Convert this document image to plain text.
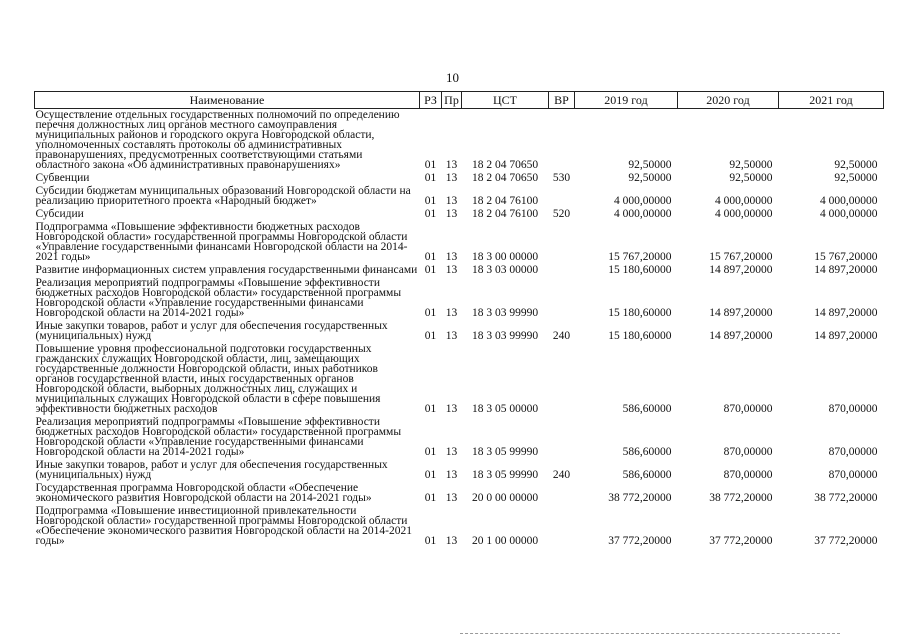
10
Наименование	РЗ	Пр	ЦСТ	ВР	2019 год	2020 год	2021 год
Осуществление отдельных государственных полномочий по определению перечня должностных лиц органов местного самоуправления муниципальных районов и городского округа Новгородской области, уполномоченных составлять протоколы об административных правонарушениях, предусмотренных соответствующими статьями областного закона «Об административных правонарушениях»	01	13	18 2 04 70650		92,50000	92,50000	92,50000
Субвенции	01	13	18 2 04 70650	530	92,50000	92,50000	92,50000
Субсидии бюджетам муниципальных образований Новгородской области на реализацию приоритетного проекта «Народный бюджет»	01	13	18 2 04 76100		4 000,00000	4 000,00000	4 000,00000
Субсидии	01	13	18 2 04 76100	520	4 000,00000	4 000,00000	4 000,00000
Подпрограмма «Повышение эффективности бюджетных расходов Новгородской области» государственной программы Новгородской области «Управление государственными финансами Новгородской области на 2014-2021 годы»	01	13	18 3 00 00000		15 767,20000	15 767,20000	15 767,20000
Развитие информационных систем управления государственными финансами	01	13	18 3 03 00000		15 180,60000	14 897,20000	14 897,20000
Реализация мероприятий подпрограммы «Повышение эффективности бюджетных расходов Новгородской области» государственной программы Новгородской области «Управление государственными финансами Новгородской области на 2014-2021 годы»	01	13	18 3 03 99990		15 180,60000	14 897,20000	14 897,20000
Иные закупки товаров, работ и услуг для обеспечения государственных (муниципальных) нужд	01	13	18 3 03 99990	240	15 180,60000	14 897,20000	14 897,20000
Повышение уровня профессиональной подготовки государственных гражданских служащих Новгородской области, лиц, замещающих государственные должности Новгородской области, иных работников органов государственной власти, иных государственных органов Новгородской области, выборных должностных лиц, служащих и муниципальных служащих Новгородской области в сфере повышения эффективности бюджетных расходов	01	13	18 3 05 00000		586,60000	870,00000	870,00000
Реализация мероприятий подпрограммы «Повышение эффективности бюджетных расходов Новгородской области» государственной программы Новгородской области «Управление государственными финансами Новгородской области на 2014-2021 годы»	01	13	18 3 05 99990		586,60000	870,00000	870,00000
Иные закупки товаров, работ и услуг для обеспечения государственных (муниципальных) нужд	01	13	18 3 05 99990	240	586,60000	870,00000	870,00000
Государственная программа Новгородской области «Обеспечение экономического развития Новгородской области на 2014-2021 годы»	01	13	20 0 00 00000		38 772,20000	38 772,20000	38 772,20000
Подпрограмма «Повышение инвестиционной привлекательности Новгородской области» государственной программы Новгородской области «Обеспечение экономического развития Новгородской области на 2014-2021 годы»	01	13	20 1 00 00000		37 772,20000	37 772,20000	37 772,20000
